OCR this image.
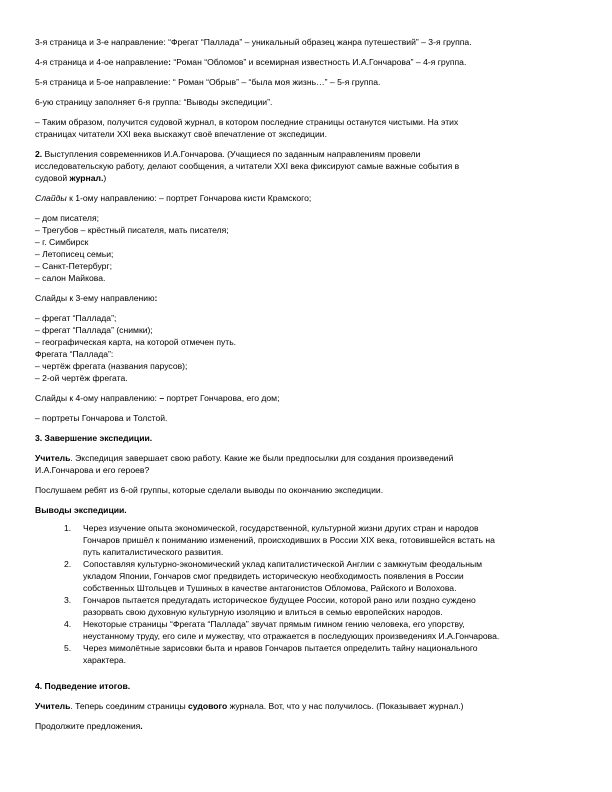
3-я страница и 3-е направление: “Фрегат “Паллада” – уникальный образец жанра путешествий” – 3-я группа.
4-я страница и 4-ое направление: “Роман “Обломов” и всемирная известность И.А.Гончарова” – 4-я группа.
5-я страница и 5-ое направление: “ Роман “Обрыв” – “была моя жизнь…” – 5-я группа.
6-ую страницу заполняет 6-я группа: “Выводы экспедиции”.
– Таким образом, получится судовой журнал, в котором последние страницы останутся чистыми. На этих
страницах читатели XXI века выскажут своё впечатление от экспедиции.
2. Выступления современников И.А.Гончарова. (Учащиеся по заданным направлениям провели
исследовательскую работу, делают сообщения, а читатели XXI века фиксируют самые важные события в
судовой журнал.)
Слайды к 1-ому направлению: – портрет Гончарова кисти Крамского;
– дом писателя;
– Трегубов – крёстный писателя, мать писателя;
– г. Симбирск
– Летописец семьи;
– Санкт-Петербург;
– салон Майкова.
Слайды к 3-ему направлению:
– фрегат “Паллада”;
– фрегат “Паллада” (снимки);
– географическая карта, на которой отмечен путь.
Фрегата “Паллада”:
– чертёж фрегата (названия парусов);
– 2-ой чертёж фрегата.
Слайды к 4-ому направлению: – портрет Гончарова, его дом;
– портреты Гончарова и Толстой.
3. Завершение экспедиции.
Учитель. Экспедиция завершает свою работу. Какие же были предпосылки для создания произведений
И.А.Гончарова и его героев?
Послушаем ребят из 6-ой группы, которые сделали выводы по окончанию экспедиции.
Выводы экспедиции.
1. Через изучение опыта экономической, государственной, культурной жизни других стран и народов
Гончаров пришёл к пониманию изменений, происходивших в России XIX века, готовившейся встать на
путь капиталистического развития.
2. Сопоставляя культурно-экономический уклад капиталистической Англии с замкнутым феодальным
укладом Японии, Гончаров смог предвидеть историческую необходимость появления в России
собственных Штольцев и Тушиных в качестве антагонистов Обломова, Райского и Волохова.
3. Гончаров пытается предугадать историческое будущее России, которой рано или поздно суждено
разорвать свою духовную культурную изоляцию и влиться в семью европейских народов.
4. Некоторые страницы “Фрегата “Паллада” звучат прямым гимном гению человека, его упорству,
неустанному труду, его силе и мужеству, что отражается в последующих произведениях И.А.Гончарова.
5. Через мимолётные зарисовки быта и нравов Гончаров пытается определить тайну национального
характера.
4. Подведение итогов.
Учитель. Теперь соединим страницы судового журнала. Вот, что у нас получилось. (Показывает журнал.)
Продолжите предложения.
